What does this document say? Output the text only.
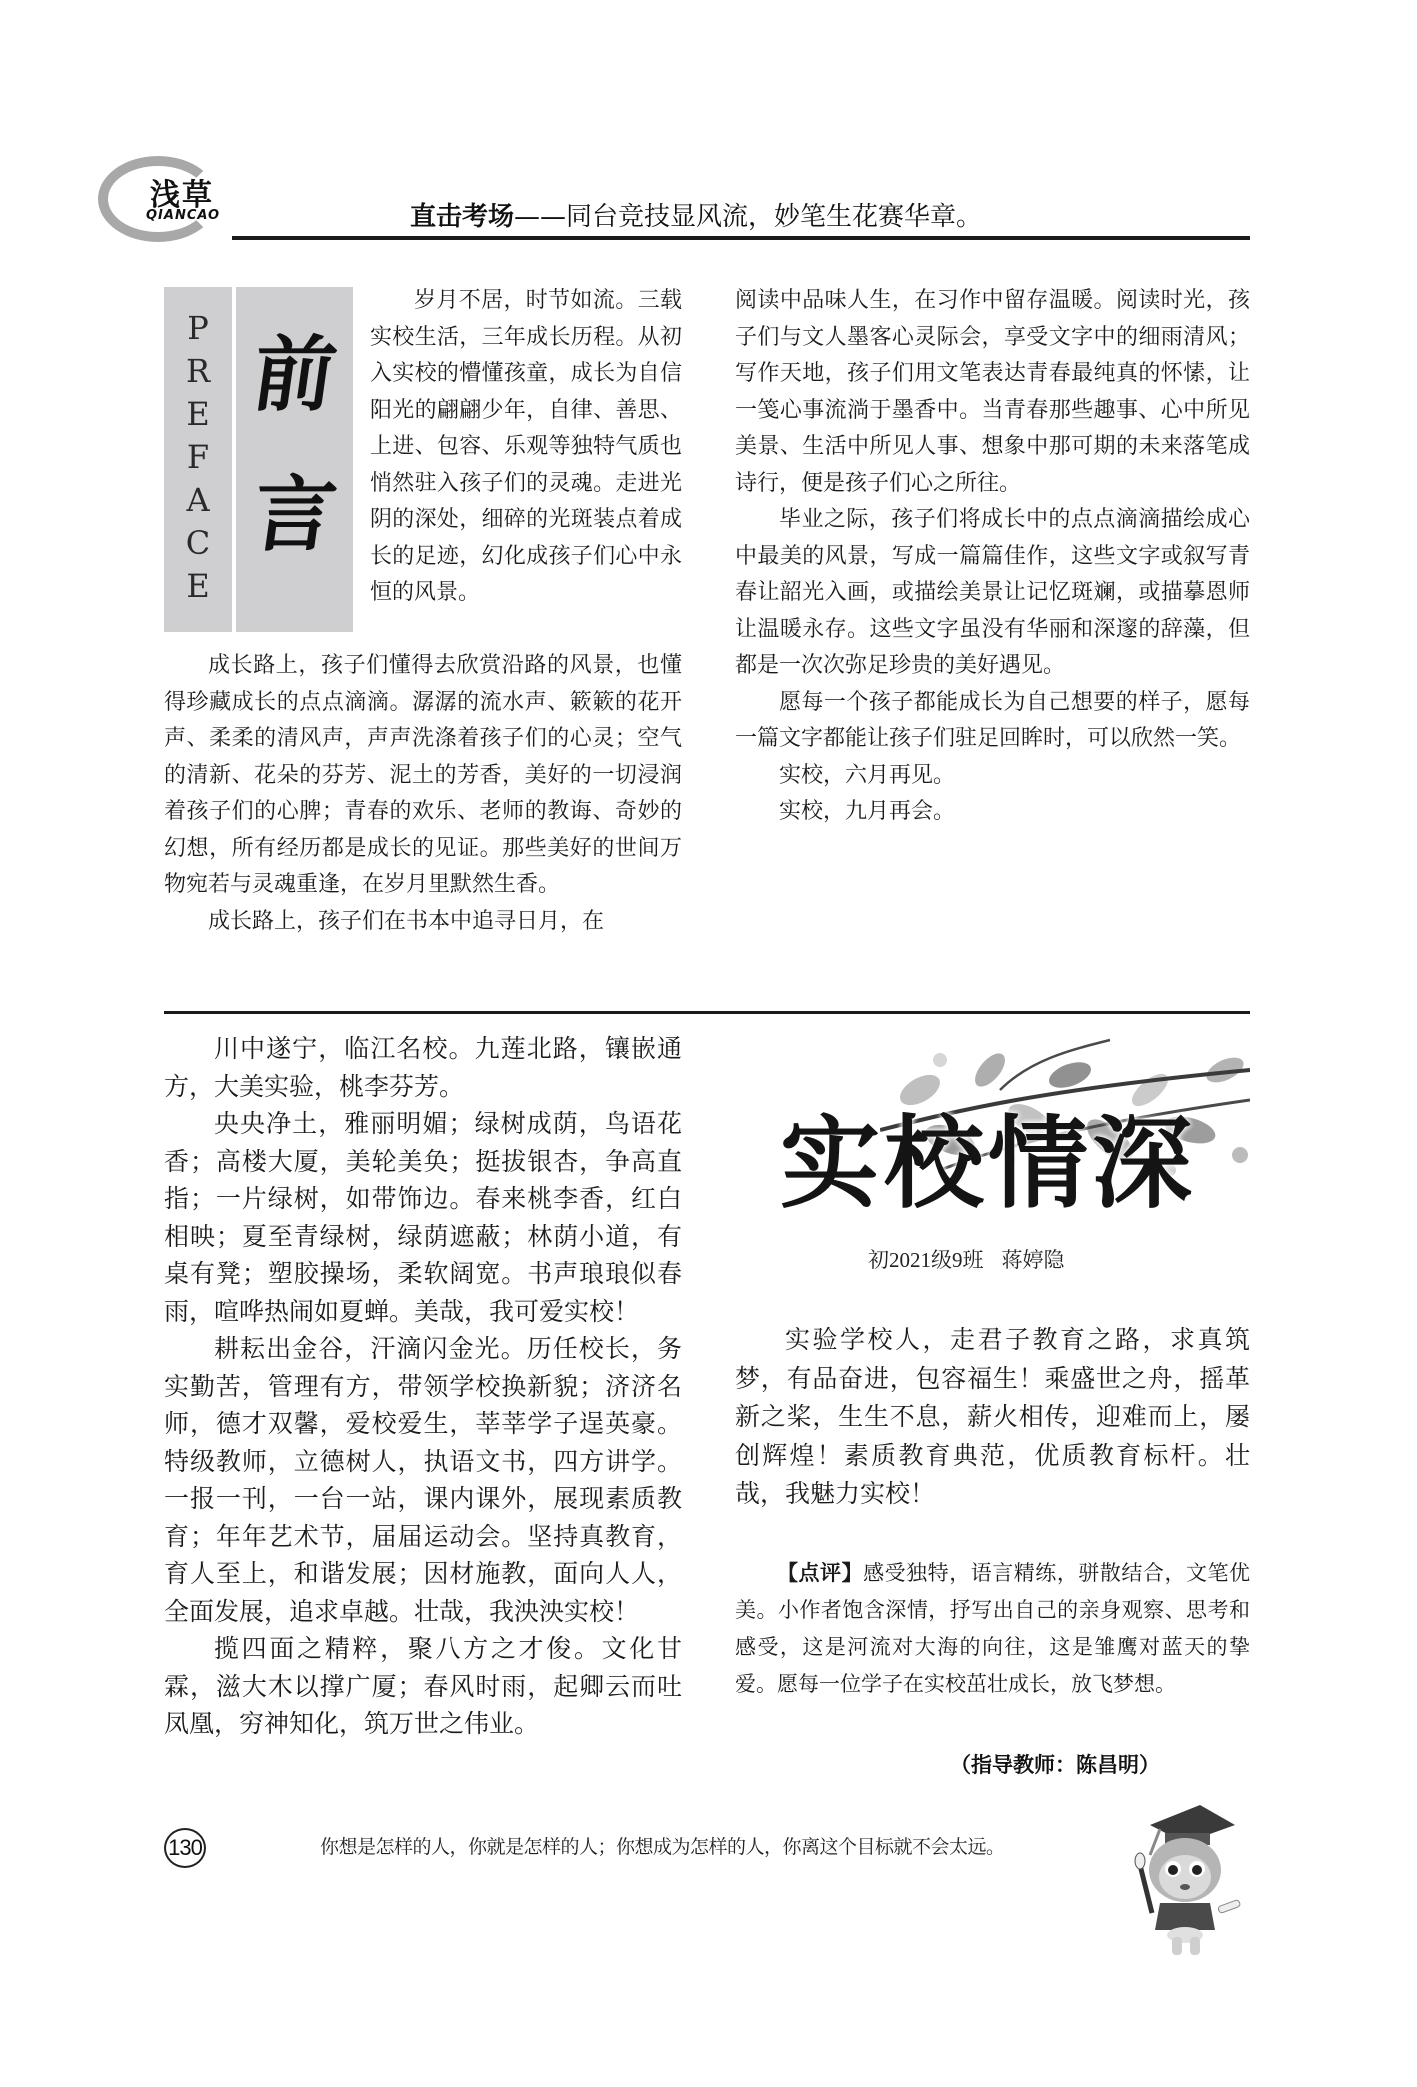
浅草
QIANCAO	直击考场——同台竞技显风流，妙笔生花赛华章。
P
R
E
F
A
C
E
前
言

岁月不居，时节如流。三载实校生活，三年成长历程。从初入实校的懵懂孩童，成长为自信阳光的翩翩少年，自律、善思、上进、包容、乐观等独特气质也悄然驻入孩子们的灵魂。走进光阴的深处，细碎的光斑装点着成长的足迹，幻化成孩子们心中永恒的风景。

成长路上，孩子们懂得去欣赏沿路的风景，也懂得珍藏成长的点点滴滴。潺潺的流水声、簌簌的花开声、柔柔的清风声，声声洗涤着孩子们的心灵；空气的清新、花朵的芬芳、泥土的芳香，美好的一切浸润着孩子们的心脾；青春的欢乐、老师的教诲、奇妙的幻想，所有经历都是成长的见证。那些美好的世间万物宛若与灵魂重逢，在岁月里默然生香。

成长路上，孩子们在书本中追寻日月，在

阅读中品味人生，在习作中留存温暖。阅读时光，孩子们与文人墨客心灵际会，享受文字中的细雨清风；写作天地，孩子们用文笔表达青春最纯真的怀愫，让一笺心事流淌于墨香中。当青春那些趣事、心中所见美景、生活中所见人事、想象中那可期的未来落笔成诗行，便是孩子们心之所往。

毕业之际，孩子们将成长中的点点滴滴描绘成心中最美的风景，写成一篇篇佳作，这些文字或叙写青春让韶光入画，或描绘美景让记忆斑斓，或描摹恩师让温暖永存。这些文字虽没有华丽和深邃的辞藻，但都是一次次弥足珍贵的美好遇见。

愿每一个孩子都能成长为自己想要的样子，愿每一篇文字都能让孩子们驻足回眸时，可以欣然一笑。

实校，六月再见。

实校，九月再会。

川中遂宁，临江名校。九莲北路，镶嵌通方，大美实验，桃李芬芳。

央央净土，雅丽明媚；绿树成荫，鸟语花香；高楼大厦，美轮美奂；挺拔银杏，争高直指；一片绿树，如带饰边。春来桃李香，红白相映；夏至青绿树，绿荫遮蔽；林荫小道，有桌有凳；塑胶操场，柔软阔宽。书声琅琅似春雨，喧哗热闹如夏蝉。美哉，我可爱实校！

耕耘出金谷，汗滴闪金光。历任校长，务实勤苦，管理有方，带领学校换新貌；济济名师，德才双馨，爱校爱生，莘莘学子逞英豪。特级教师，立德树人，执语文书，四方讲学。一报一刊，一台一站，课内课外，展现素质教育；年年艺术节，届届运动会。坚持真教育，育人至上，和谐发展；因材施教，面向人人，全面发展，追求卓越。壮哉，我泱泱实校！

揽四面之精粹，聚八方之才俊。文化甘霖，滋大木以撑广厦；春风时雨，起卿云而吐凤凰，穷神知化，筑万世之伟业。

实校情深
初2021级9班 蒋婷隐

实验学校人，走君子教育之路，求真筑梦，有品奋进，包容福生！乘盛世之舟，摇革新之桨，生生不息，薪火相传，迎难而上，屡创辉煌！素质教育典范，优质教育标杆。壮哉，我魅力实校！

【点评】感受独特，语言精练，骈散结合，文笔优美。小作者饱含深情，抒写出自己的亲身观察、思考和感受，这是河流对大海的向往，这是雏鹰对蓝天的挚爱。愿每一位学子在实校茁壮成长，放飞梦想。

（指导教师：陈昌明）
130	你想是怎样的人，你就是怎样的人；你想成为怎样的人，你离这个目标就不会太远。
